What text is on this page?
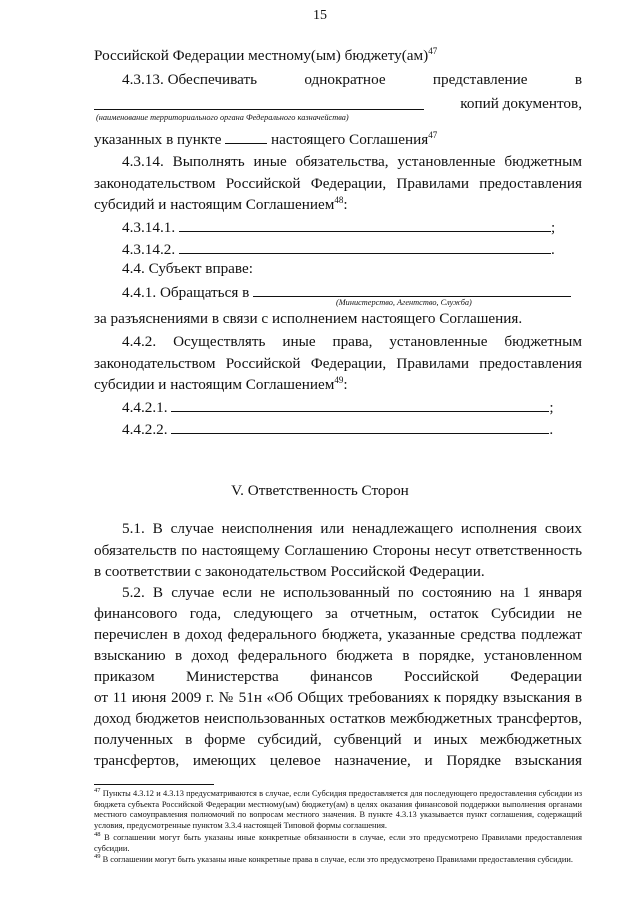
15
Российской Федерации местному(ым) бюджету(ам)$^{47}$
4.3.13. Обеспечивать	однократное	представление	в
копий документов,
(наименование территориального органа Федерального казначейства)
указанных в пункте	настоящего Соглашения$^{47}$
4.3.14. Выполнять иные обязательства, установленные бюджетным
законодательством Российской Федерации, Правилами предоставления
субсидий и настоящим Соглашением$^{48}$:
4.3.14.1.	;
4.3.14.2.	.
4.4. Субъект вправе:
4.4.1. Обращаться в
(Министерство, Агентство, Служба)
за разъяснениями в связи с исполнением настоящего Соглашения.
4.4.2. Осуществлять иные права, установленные бюджетным
законодательством Российской Федерации, Правилами предоставления
субсидии и настоящим Соглашением$^{49}$:
4.4.2.1.	;
4.4.2.2.	.
V. Ответственность Сторон
5.1. В случае неисполнения или ненадлежащего исполнения своих
обязательств по настоящему Соглашению Стороны несут ответственность
в соответствии с законодательством Российской Федерации.
5.2. В случае если не использованный по состоянию на 1 января
финансового года, следующего за отчетным, остаток Субсидии не
перечислен в доход федерального бюджета, указанные средства подлежат
взысканию в доход федерального бюджета в порядке, установленном
приказом Министерства финансов Российской Федерации
от 11 июня 2009 г. № 51н «Об Общих требованиях к порядку взыскания в
доход бюджетов неиспользованных остатков межбюджетных трансфертов,
полученных в форме субсидий, субвенций и иных межбюджетных
трансфертов, имеющих целевое назначение, и Порядке взыскания

$^{47}$ Пункты 4.3.12 и 4.3.13 предусматриваются в случае, если Субсидия предоставляется для последующего предоставления субсидии из бюджета субъекта Российской Федерации местному(ым) бюджету(ам) в целях оказания финансовой поддержки выполнения органами местного самоуправления полномочий по вопросам местного значения. В пункте 4.3.13 указывается пункт соглашения, содержащий условия, предусмотренные пунктом 3.3.4 настоящей Типовой формы соглашения.

$^{48}$ В соглашении могут быть указаны иные конкретные обязанности в случае, если это предусмотрено Правилами предоставления субсидии.

$^{49}$ В соглашении могут быть указаны иные конкретные права в случае, если это предусмотрено Правилами предоставления субсидии.
